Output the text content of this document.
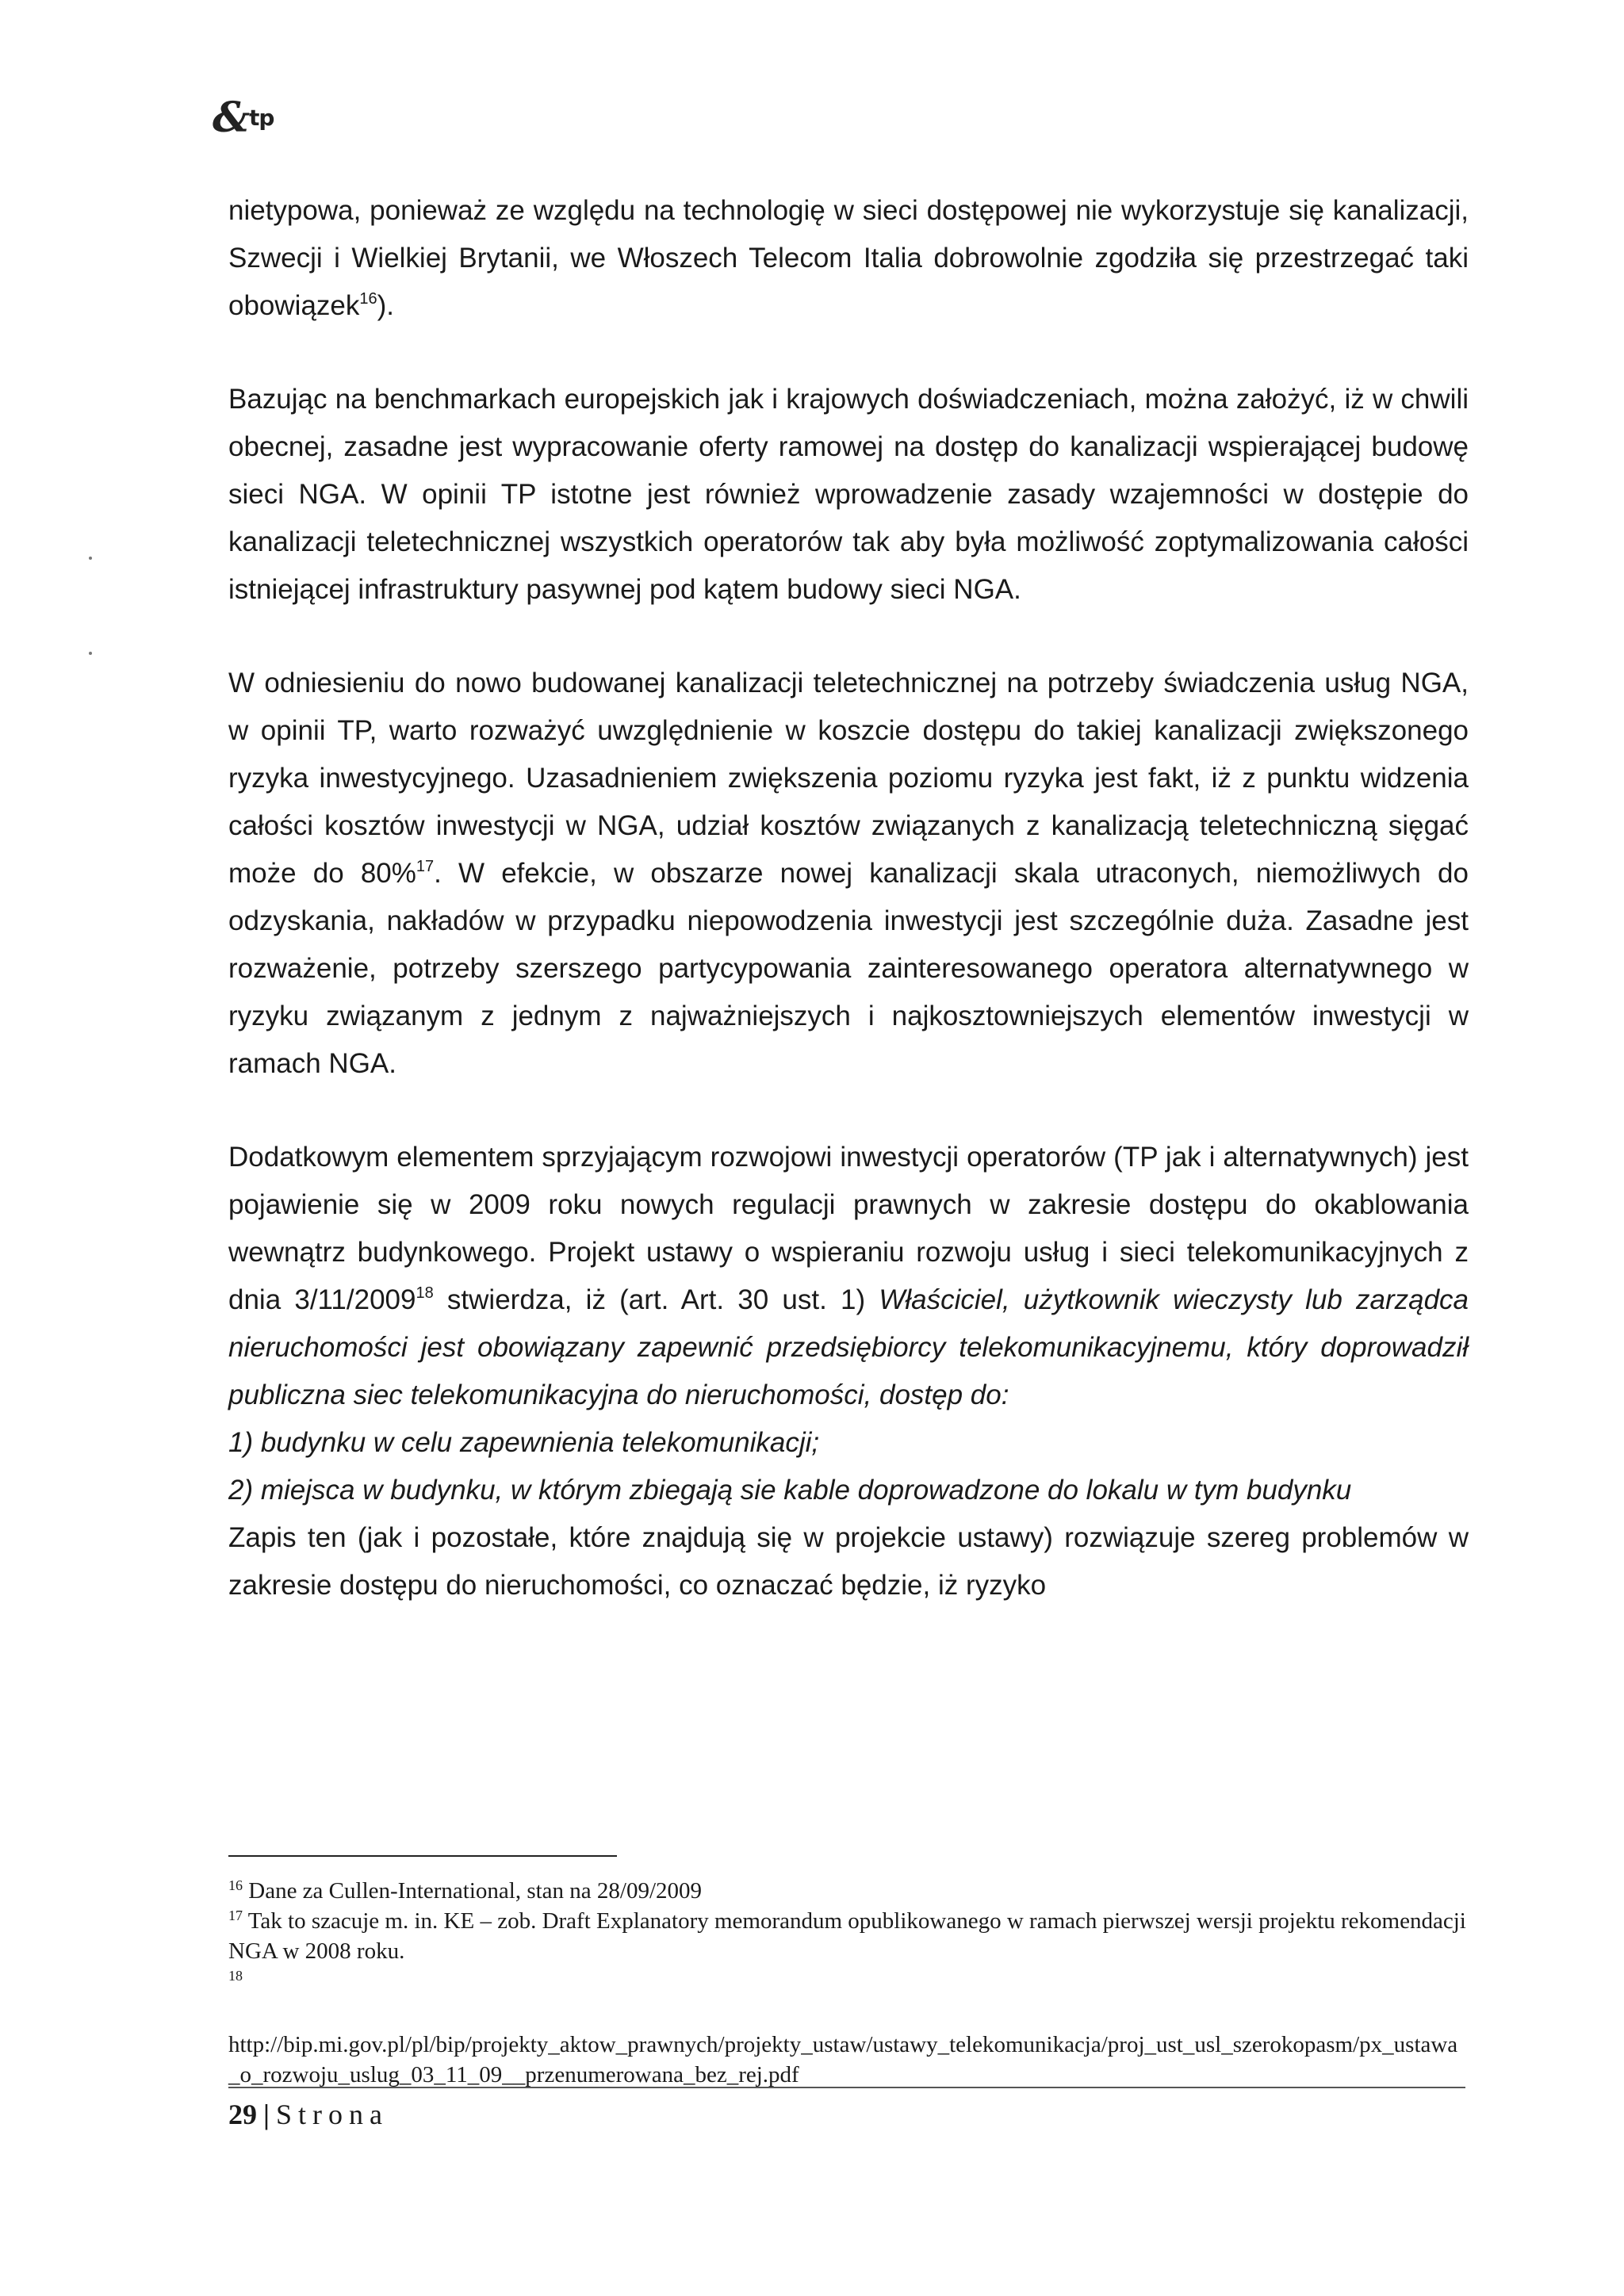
&$^{tp}$

nietypowa, ponieważ ze względu na technologię w sieci dostępowej nie wykorzystuje się kanalizacji, Szwecji i Wielkiej Brytanii, we Włoszech Telecom Italia dobrowolnie zgodziła się przestrzegać taki obowiązek$^{16}$).

Bazując na benchmarkach europejskich jak i krajowych doświadczeniach, można założyć, iż w chwili obecnej, zasadne jest wypracowanie oferty ramowej na dostęp do kanalizacji wspierającej budowę sieci NGA. W opinii TP istotne jest również wprowadzenie zasady wzajemności w dostępie do kanalizacji teletechnicznej wszystkich operatorów tak aby była możliwość zoptymalizowania całości istniejącej infrastruktury pasywnej pod kątem budowy sieci NGA.

W odniesieniu do nowo budowanej kanalizacji teletechnicznej na potrzeby świadczenia usług NGA, w opinii TP, warto rozważyć uwzględnienie w koszcie dostępu do takiej kanalizacji zwiększonego ryzyka inwestycyjnego. Uzasadnieniem zwiększenia poziomu ryzyka jest fakt, iż z punktu widzenia całości kosztów inwestycji w NGA, udział kosztów związanych z kanalizacją teletechniczną sięgać może do 80%$^{17}$. W efekcie, w obszarze nowej kanalizacji skala utraconych, niemożliwych do odzyskania, nakładów w przypadku niepowodzenia inwestycji jest szczególnie duża. Zasadne jest rozważenie, potrzeby szerszego partycypowania zainteresowanego operatora alternatywnego w ryzyku związanym z jednym z najważniejszych i najkosztowniejszych elementów inwestycji w ramach NGA.

Dodatkowym elementem sprzyjającym rozwojowi inwestycji operatorów (TP jak i alternatywnych) jest pojawienie się w 2009 roku nowych regulacji prawnych w zakresie dostępu do okablowania wewnątrz budynkowego. Projekt ustawy o wspieraniu rozwoju usług i sieci telekomunikacyjnych z dnia 3/11/2009$^{18}$ stwierdza, iż (art. Art. 30 ust. 1) Właściciel, użytkownik wieczysty lub zarządca nieruchomości jest obowiązany zapewnić przedsiębiorcy telekomunikacyjnemu, który doprowadził publiczna siec telekomunikacyjna do nieruchomości, dostęp do:

1) budynku w celu zapewnienia telekomunikacji;

2) miejsca w budynku, w którym zbiegają sie kable doprowadzone do lokalu w tym budynku

Zapis ten (jak i pozostałe, które znajdują się w projekcie ustawy) rozwiązuje szereg problemów w zakresie dostępu do nieruchomości, co oznaczać będzie, iż ryzyko

$^{16}$ Dane za Cullen-International, stan na 28/09/2009

$^{17}$ Tak to szacuje m. in. KE – zob. Draft Explanatory memorandum opublikowanego w ramach pierwszej wersji projektu rekomendacji NGA w 2008 roku.

$^{18}$

http://bip.mi.gov.pl/pl/bip/projekty_aktow_prawnych/projekty_ustaw/ustawy_telekomunikacja/proj_ust_usl_szerokopasm/px_ustawa_o_rozwoju_uslug_03_11_09__przenumerowana_bez_rej.pdf

29 | Strona
